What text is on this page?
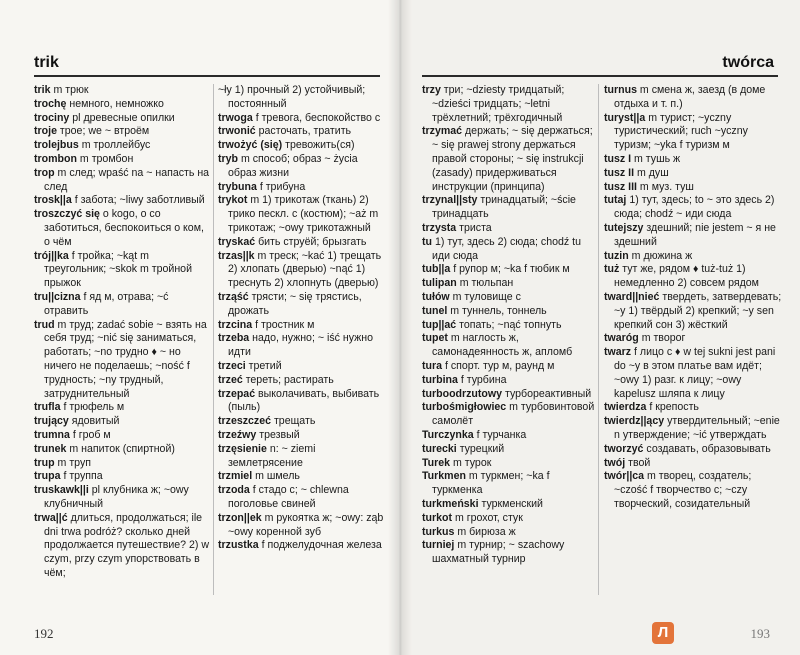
trik

trik m трюк

trochę немного, немножко

trociny pl древесные опилки

troje трое; we ~ втроём

trolejbus m троллейбус

trombon m тромбон

trop m след; wpaść na ~ напасть на след

trosk||a f забота; ~liwy заботливый

troszczyć się o kogo, o co заботиться, беспокоиться о ком, о чём

trój||ka f тройка; ~kąt m треугольник; ~skok m тройной прыжок

tru||cizna f яд м, отрава; ~ć отравить

trud m труд; zadać sobie ~ взять на себя труд; ~nić się заниматься, работать; ~no трудно ♦ ~ но ничего не поделаешь; ~ność f трудность; ~ny трудный, затруднительный

trufla f трюфель м

trujący ядовитый

trumna f гроб м

trunek m напиток (спиртной)

trup m труп

trupa f труппа

truskawk||i pl клубника ж; ~owy клубничный

trwa||ć длиться, продолжаться; ile dni trwa podróż? сколько дней продолжается путешествие? 2) w czym, przy czym упорствовать в чём;

~ły 1) прочный 2) устойчивый; постоянный

trwoga f тревога, беспокойство c

trwonić расточать, тратить

trwożyć (się) тревожить(ся)

tryb m способ; образ ~ życia образ жизни

trybuna f трибуна

trykot m 1) трикотаж (ткань) 2) трико пеcкл. c (костюм); ~aż m трикотаж; ~owy трикотажный

tryskać бить струёй; брызгать

trzas||k m треск; ~kać 1) трещать 2) хлопать (дверью) ~nąć 1) треснуть 2) хлопнуть (дверью)

trząść трясти; ~ się трястись, дрожать

trzcina f тростник м

trzeba надо, нужно; ~ iść нужно идти

trzeci третий

trzeć тереть; растирать

trzepać выколачивать, выбивать (пыль)

trzeszczeć трещать

trzeźwy трезвый

trzęsienie n: ~ ziemi землетрясение

trzmiel m шмель

trzoda f стадо c; ~ chlewna поголовье свиней

trzon||ek m рукоятка ж; ~owy: ząb ~owy коренной зуб

trzustka f поджелудочная железа

192
twórca

trzy три; ~dziesty тридцатый; ~dzieści тридцать; ~letni трёхлетний; трёхгодичный

trzymać держать; ~ się держаться; ~ się prawej strony держаться правой стороны; ~ się instrukcji (zasady) придерживаться инструкции (принципа)

trzynal||sty тринадцатый; ~ście тринадцать

trzysta триста

tu 1) тут, здесь 2) сюда; chodź tu иди сюда

tub||a f рупор м; ~ka f тюбик м

tulipan m тюльпан

tułów m туловище c

tunel m туннель, тоннель

tup||ać топать; ~nąć топнуть

tupet m наглость ж, самонадеянность ж, апломб

tura f спорт. тур м, раунд м

turbina f турбина

turboodrzutowy турбореактивный

turbośmigłowiec m турбовинтовой самолёт

Turczynka f турчанка

turecki турецкий

Turek m турок

Turkmen m туркмен; ~ka f туркменка

turkmeński туркменский

turkot m грохот, стук

turkus m бирюза ж

turniej m турнир; ~ szachowy шахматный турнир

turnus m смена ж, заезд (в доме отдыха и т. п.)

turyst||a m турист; ~yczny туристический; ruch ~yczny туризм; ~yka f туризм м

tusz I m тушь ж

tusz II m душ

tusz III m муз. туш

tutaj 1) тут, здесь; to ~ это здесь 2) сюда; chodź ~ иди сюда

tutejszy здешний; nie jestem ~ я не здешний

tuzin m дюжина ж

tuż тут же, рядом ♦ tuż-tuż 1) немедленно 2) совсем рядом

tward||nieć твердеть, затвердевать; ~y 1) твёрдый 2) крепкий; ~y sen крепкий сон 3) жёсткий

twaróg m творог

twarz f лицо c ♦ w tej sukni jest pani do ~y в этом платье вам идёт; ~owy 1) разг. к лицу; ~owy kapelusz шляпа к лицу

twierdza f крепость

twierdz||ący утвердительный; ~enie n утверждение; ~ić утверждать

tworzyć создавать, образовывать

twój твой

twór||ca m творец, создатель; ~czość f творчество c; ~czy творческий, созидательный

193
Л
